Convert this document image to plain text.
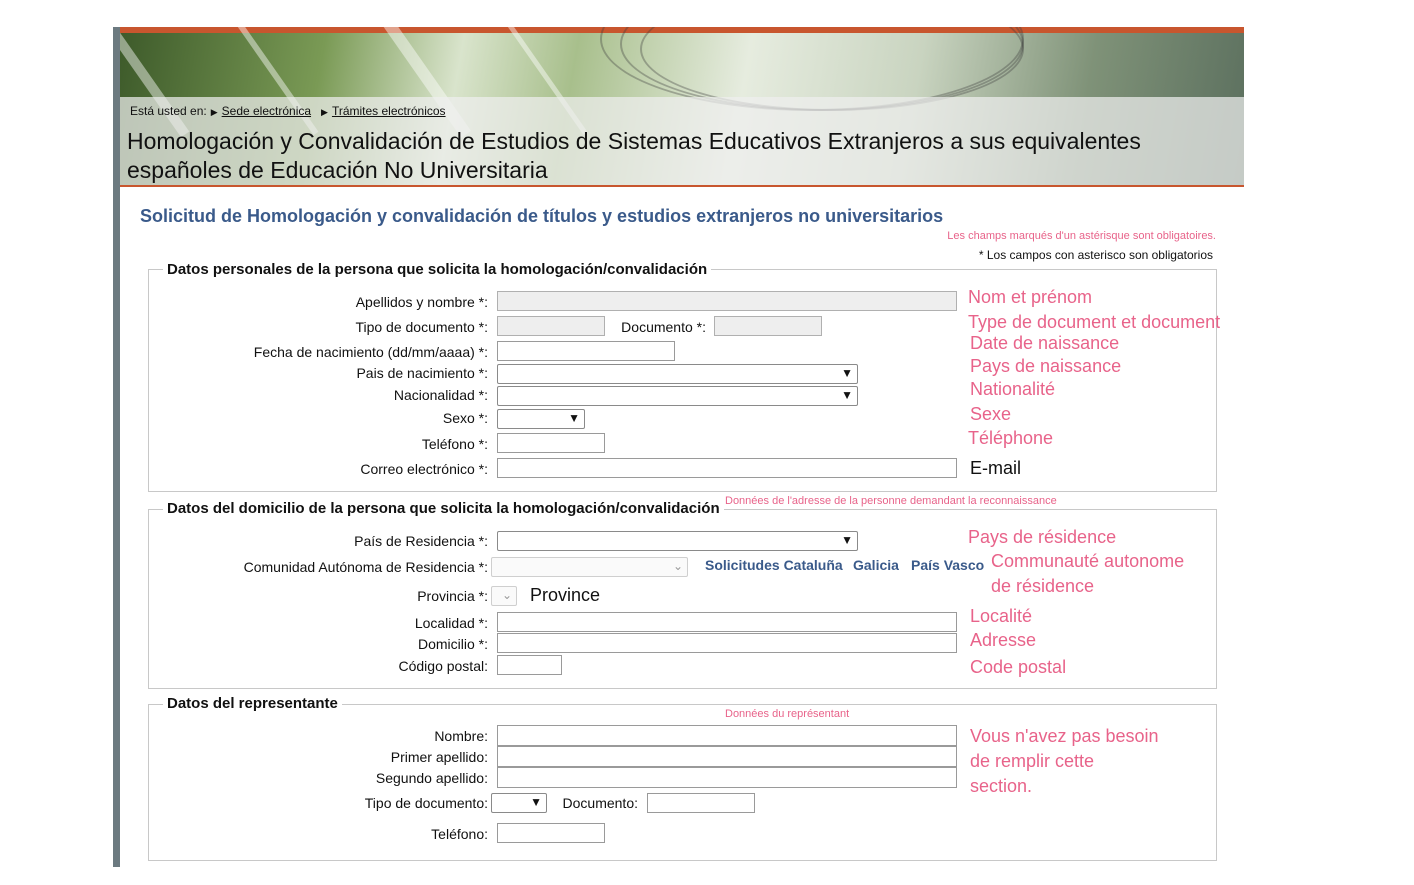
Está usted en: ▶ Sede electrónica ▶ Trámites electrónicos
Homologación y Convalidación de Estudios de Sistemas Educativos Extranjeros a sus equivalentes españoles de Educación No Universitaria
Solicitud de Homologación y convalidación de títulos y estudios extranjeros no universitarios
Les champs marqués d'un astérisque sont obligatoires.
* Los campos con asterisco son obligatorios
Datos personales de la persona que solicita la homologación/convalidación
Apellidos y nombre *:
Tipo de documento *:	Documento *:
Fecha de nacimiento (dd/mm/aaaa) *:
Pais de nacimiento *:	▼
Nacionalidad *:	▼
Sexo *:	▼
Teléfono *:
Correo electrónico *:
Nom et prénom
Type de document et document
Date de naissance
Pays de naissance
Nationalité
Sexe
Téléphone
E-mail
Datos del domicilio de la persona que solicita la homologación/convalidación Données de l'adresse de la personne demandant la reconnaissance
País de Residencia *:	▼
Comunidad Autónoma de Residencia *:	⌄ Solicitudes Cataluña Galicia País Vasco
Provincia *: ⌄ Province
Localidad *:
Domicilio *:
Código postal:
Pays de résidence
Communauté autonome
de résidence
Localité
Adresse
Code postal
Datos del representante
Données du représentant
Nombre:
Primer apellido:
Segundo apellido:
Tipo de documento:	▼ Documento:
Teléfono:
Vous n'avez pas besoin
de remplir cette
section.
